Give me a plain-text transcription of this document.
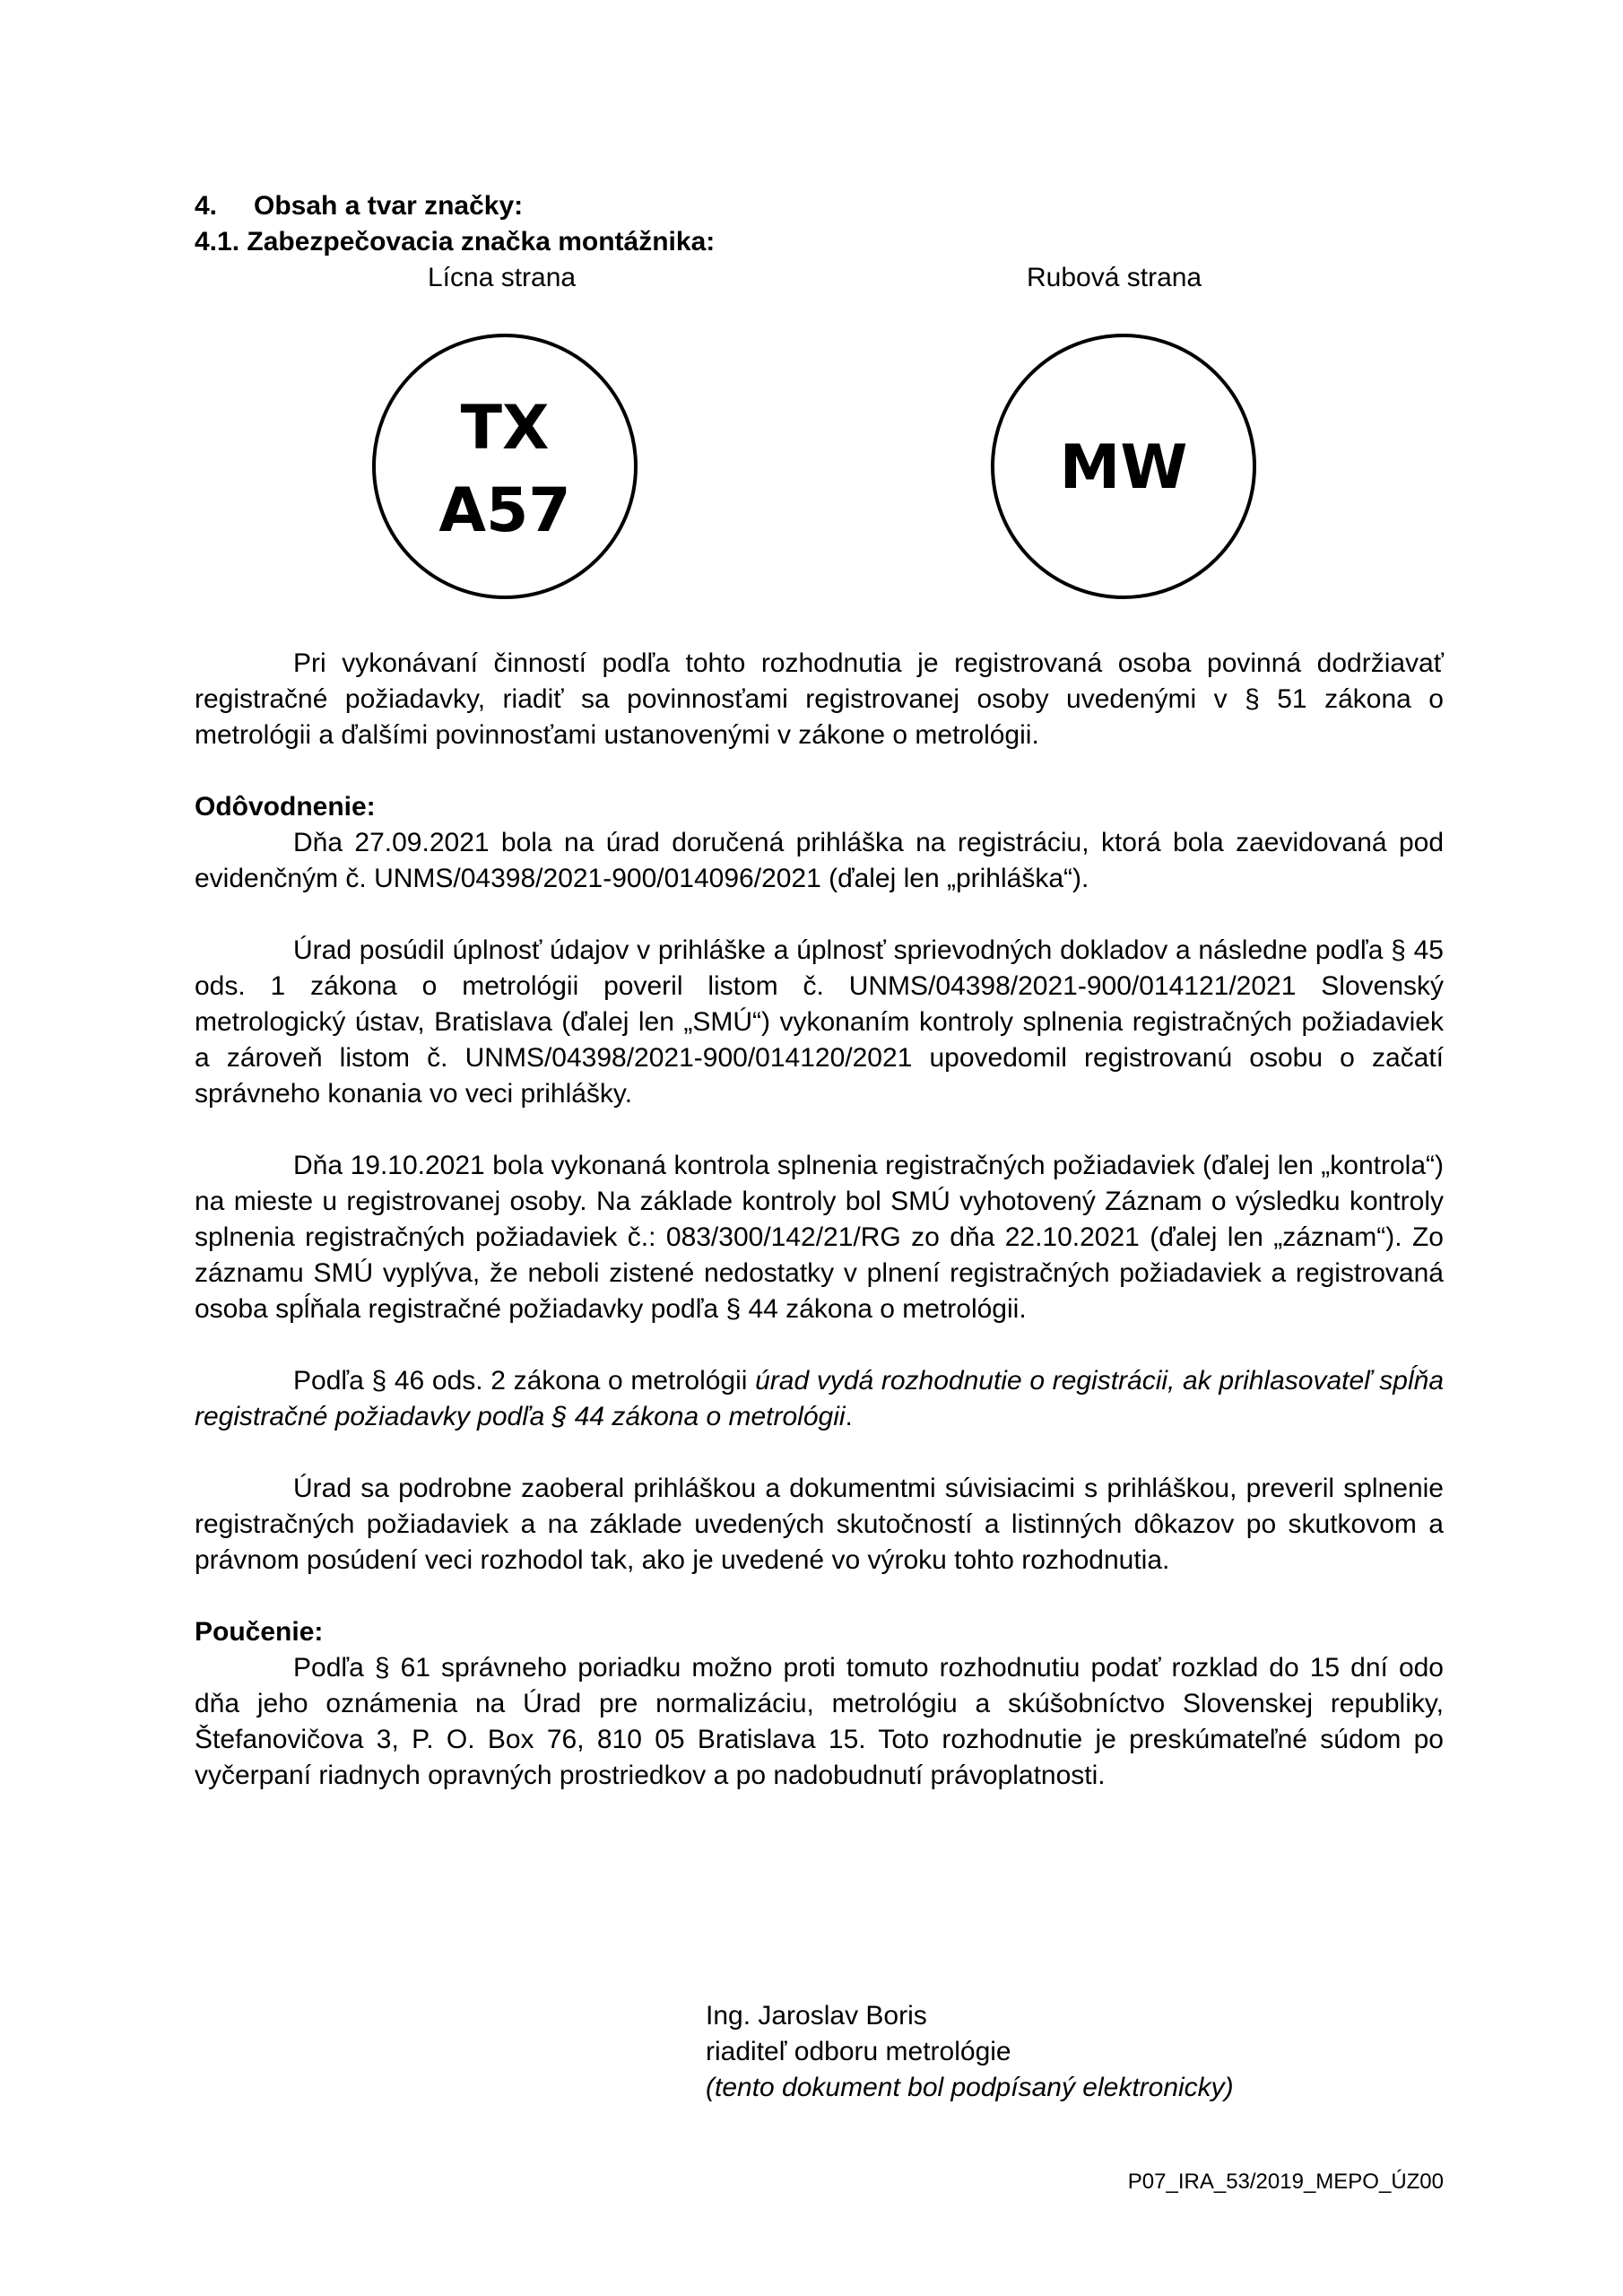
4. Obsah a tvar značky:
4.1. Zabezpečovacia značka montážnika:
Lícna strana	Rubová strana
TX
A57
MW

Pri vykonávaní činností podľa tohto rozhodnutia je registrovaná osoba povinná dodržiavať registračné požiadavky, riadiť sa povinnosťami registrovanej osoby uvedenými v § 51 zákona o metrológii a ďalšími povinnosťami ustanovenými v zákone o metrológii.

Odôvodnenie:

Dňa 27.09.2021 bola na úrad doručená prihláška na registráciu, ktorá bola zaevidovaná pod evidenčným č. UNMS/04398/2021-900/014096/2021 (ďalej len „prihláška“).

Úrad posúdil úplnosť údajov v prihláške a úplnosť sprievodných dokladov a následne podľa § 45 ods. 1 zákona o metrológii poveril listom č. UNMS/04398/2021-900/014121/2021 Slovenský metrologický ústav, Bratislava (ďalej len „SMÚ“) vykonaním kontroly splnenia registračných požiadaviek a zároveň listom č. UNMS/04398/2021-900/014120/2021 upovedomil registrovanú osobu o začatí správneho konania vo veci prihlášky.

Dňa 19.10.2021 bola vykonaná kontrola splnenia registračných požiadaviek (ďalej len „kontrola“) na mieste u registrovanej osoby. Na základe kontroly bol SMÚ vyhotovený Záznam o výsledku kontroly splnenia registračných požiadaviek č.: 083/300/142/21/RG zo dňa 22.10.2021 (ďalej len „záznam“). Zo záznamu SMÚ vyplýva, že neboli zistené nedostatky v plnení registračných požiadaviek a registrovaná osoba spĺňala registračné požiadavky podľa § 44 zákona o metrológii.

Podľa § 46 ods. 2 zákona o metrológii úrad vydá rozhodnutie o registrácii, ak prihlasovateľ spĺňa registračné požiadavky podľa § 44 zákona o metrológii.

Úrad sa podrobne zaoberal prihláškou a dokumentmi súvisiacimi s prihláškou, preveril splnenie registračných požiadaviek a na základe uvedených skutočností a listinných dôkazov po skutkovom a právnom posúdení veci rozhodol tak, ako je uvedené vo výroku tohto rozhodnutia.

Poučenie:

Podľa § 61 správneho poriadku možno proti tomuto rozhodnutiu podať rozklad do 15 dní odo dňa jeho oznámenia na Úrad pre normalizáciu, metrológiu a skúšobníctvo Slovenskej republiky, Štefanovičova 3, P. O. Box 76, 810 05 Bratislava 15. Toto rozhodnutie je preskúmateľné súdom po vyčerpaní riadnych opravných prostriedkov a po nadobudnutí právoplatnosti.

Ing. Jaroslav Boris

riaditeľ odboru metrológie

(tento dokument bol podpísaný elektronicky)

P07_IRA_53/2019_MEPO_ÚZ00
